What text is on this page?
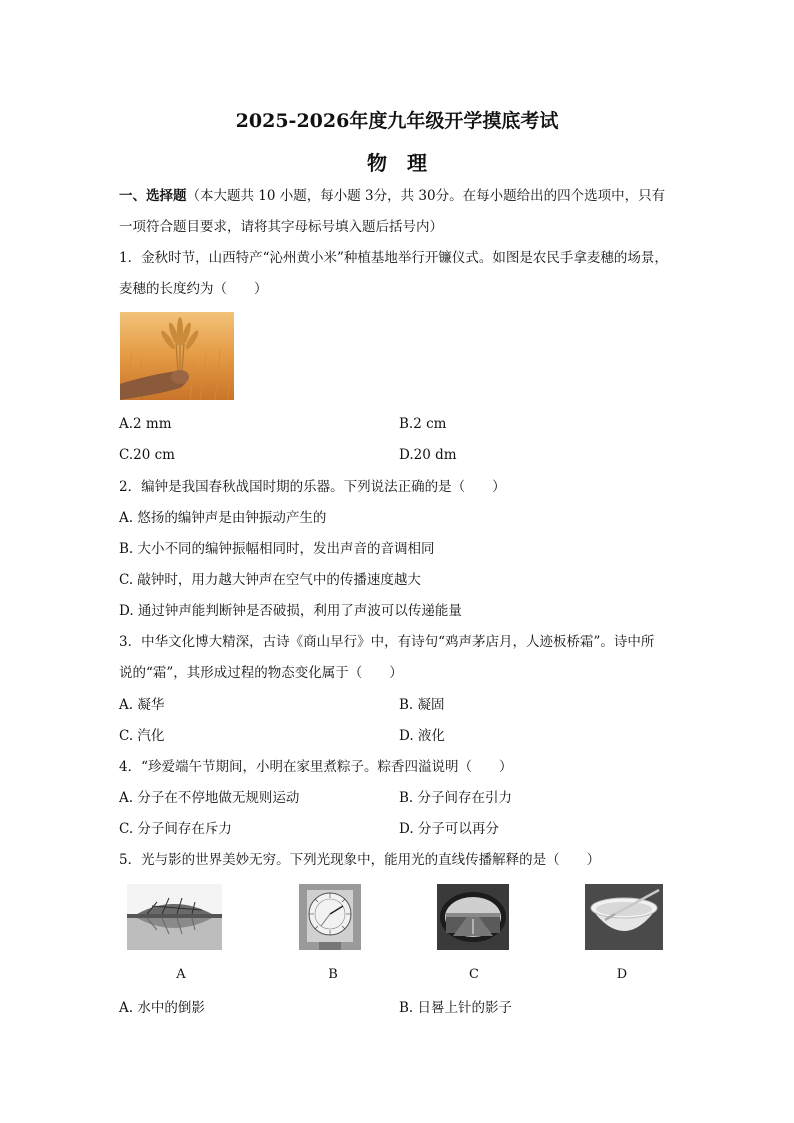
2025-2026年度九年级开学摸底考试
物　理
一、选择题（本大题共 10 小题，每小题 3分，共 30分。在每小题给出的四个选项中，只有
一项符合题目要求，请将其字母标号填入题后括号内）
1．金秋时节，山西特产“沁州黄小米”种植基地举行开镰仪式。如图是农民手拿麦穗的场景，
麦穗的长度约为（　　）
A.2 mm	B.2 cm
C.20 cm	D.20 dm
2．编钟是我国春秋战国时期的乐器。下列说法正确的是（　　）
A. 悠扬的编钟声是由钟振动产生的
B. 大小不同的编钟振幅相同时，发出声音的音调相同
C. 敲钟时，用力越大钟声在空气中的传播速度越大
D. 通过钟声能判断钟是否破损，利用了声波可以传递能量
3．中华文化博大精深，古诗《商山早行》中，有诗句“鸡声茅店月，人迹板桥霜”。诗中所
说的“霜”，其形成过程的物态变化属于（　　）
A. 凝华	B. 凝固
C. 汽化	D. 液化
4．“珍爱端午节期间，小明在家里煮粽子。粽香四溢说明（　　）
A. 分子在不停地做无规则运动	B. 分子间存在引力
C. 分子间存在斥力	D. 分子可以再分
5．光与影的世界美妙无穷。下列光现象中，能用光的直线传播解释的是（　　）
A	B	C	D
A. 水中的倒影	B. 日晷上针的影子
